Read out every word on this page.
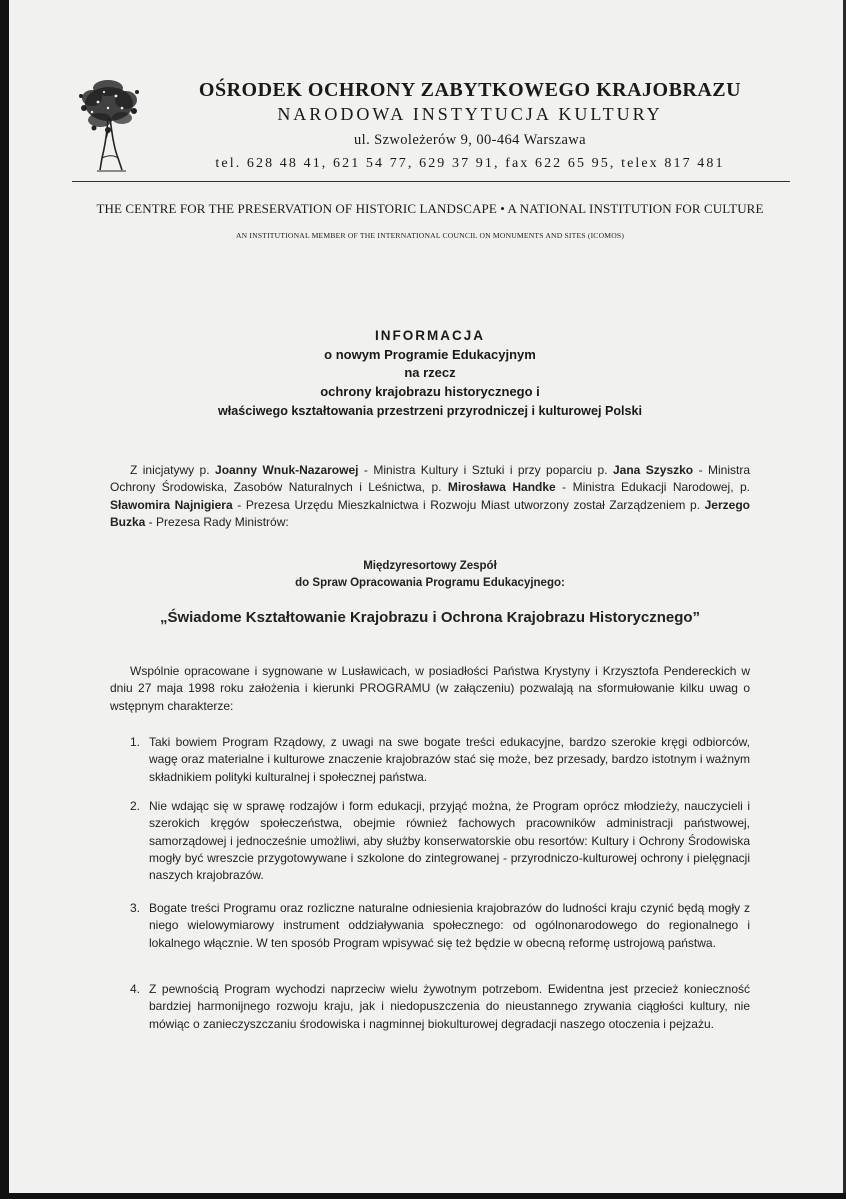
OŚRODEK OCHRONY ZABYTKOWEGO KRAJOBRAZU
NARODOWA INSTYTUCJA KULTURY
ul. Szwoleżerów 9, 00-464 Warszawa
tel. 628 48 41, 621 54 77, 629 37 91, fax 622 65 95, telex 817 481
THE CENTRE FOR THE PRESERVATION OF HISTORIC LANDSCAPE • A NATIONAL INSTITUTION FOR CULTURE
AN INSTITUTIONAL MEMBER OF THE INTERNATIONAL COUNCIL ON MONUMENTS AND SITES (ICOMOS)
INFORMACJA
o nowym Programie Edukacyjnym
na rzecz
ochrony krajobrazu historycznego i
właściwego kształtowania przestrzeni przyrodniczej i kulturowej Polski
Z inicjatywy p. Joanny Wnuk-Nazarowej - Ministra Kultury i Sztuki i przy poparciu p. Jana Szyszko - Ministra Ochrony Środowiska, Zasobów Naturalnych i Leśnictwa, p. Mirosława Handke - Ministra Edukacji Narodowej, p. Sławomira Najnigiera - Prezesa Urzędu Mieszkalnictwa i Rozwoju Miast utworzony został Zarządzeniem p. Jerzego Buzka - Prezesa Rady Ministrów:
Międzyresortowy Zespół
do Spraw Opracowania Programu Edukacyjnego:
„Świadome Kształtowanie Krajobrazu i Ochrona Krajobrazu Historycznego”
Wspólnie opracowane i sygnowane w Lusławicach, w posiadłości Państwa Krystyny i Krzysztofa Pendereckich w dniu 27 maja 1998 roku założenia i kierunki PROGRAMU (w załączeniu) pozwalają na sformułowanie kilku uwag o wstępnym charakterze:
1. Taki bowiem Program Rządowy, z uwagi na swe bogate treści edukacyjne, bardzo szerokie kręgi odbiorców, wagę oraz materialne i kulturowe znaczenie krajobrazów stać się może, bez przesady, bardzo istotnym i ważnym składnikiem polityki kulturalnej i społecznej państwa.
2. Nie wdając się w sprawę rodzajów i form edukacji, przyjąć można, że Program oprócz młodzieży, nauczycieli i szerokich kręgów społeczeństwa, obejmie również fachowych pracowników administracji państwowej, samorządowej i jednocześnie umożliwi, aby służby konserwatorskie obu resortów: Kultury i Ochrony Środowiska mogły być wreszcie przygotowywane i szkolone do zintegrowanej - przyrodniczo-kulturowej ochrony i pielęgnacji naszych krajobrazów.
3. Bogate treści Programu oraz rozliczne naturalne odniesienia krajobrazów do ludności kraju czynić będą mogły z niego wielowymiarowy instrument oddziaływania społecznego: od ogólnonarodowego do regionalnego i lokalnego włącznie. W ten sposób Program wpisywać się też będzie w obecną reformę ustrojową państwa.
4. Z pewnością Program wychodzi naprzeciw wielu żywotnym potrzebom. Ewidentna jest przecież konieczność bardziej harmonijnego rozwoju kraju, jak i niedopuszczenia do nieustannego zrywania ciągłości kultury, nie mówiąc o zanieczyszczaniu środowiska i nagminnej biokulturowej degradacji naszego otoczenia i pejzażu.
